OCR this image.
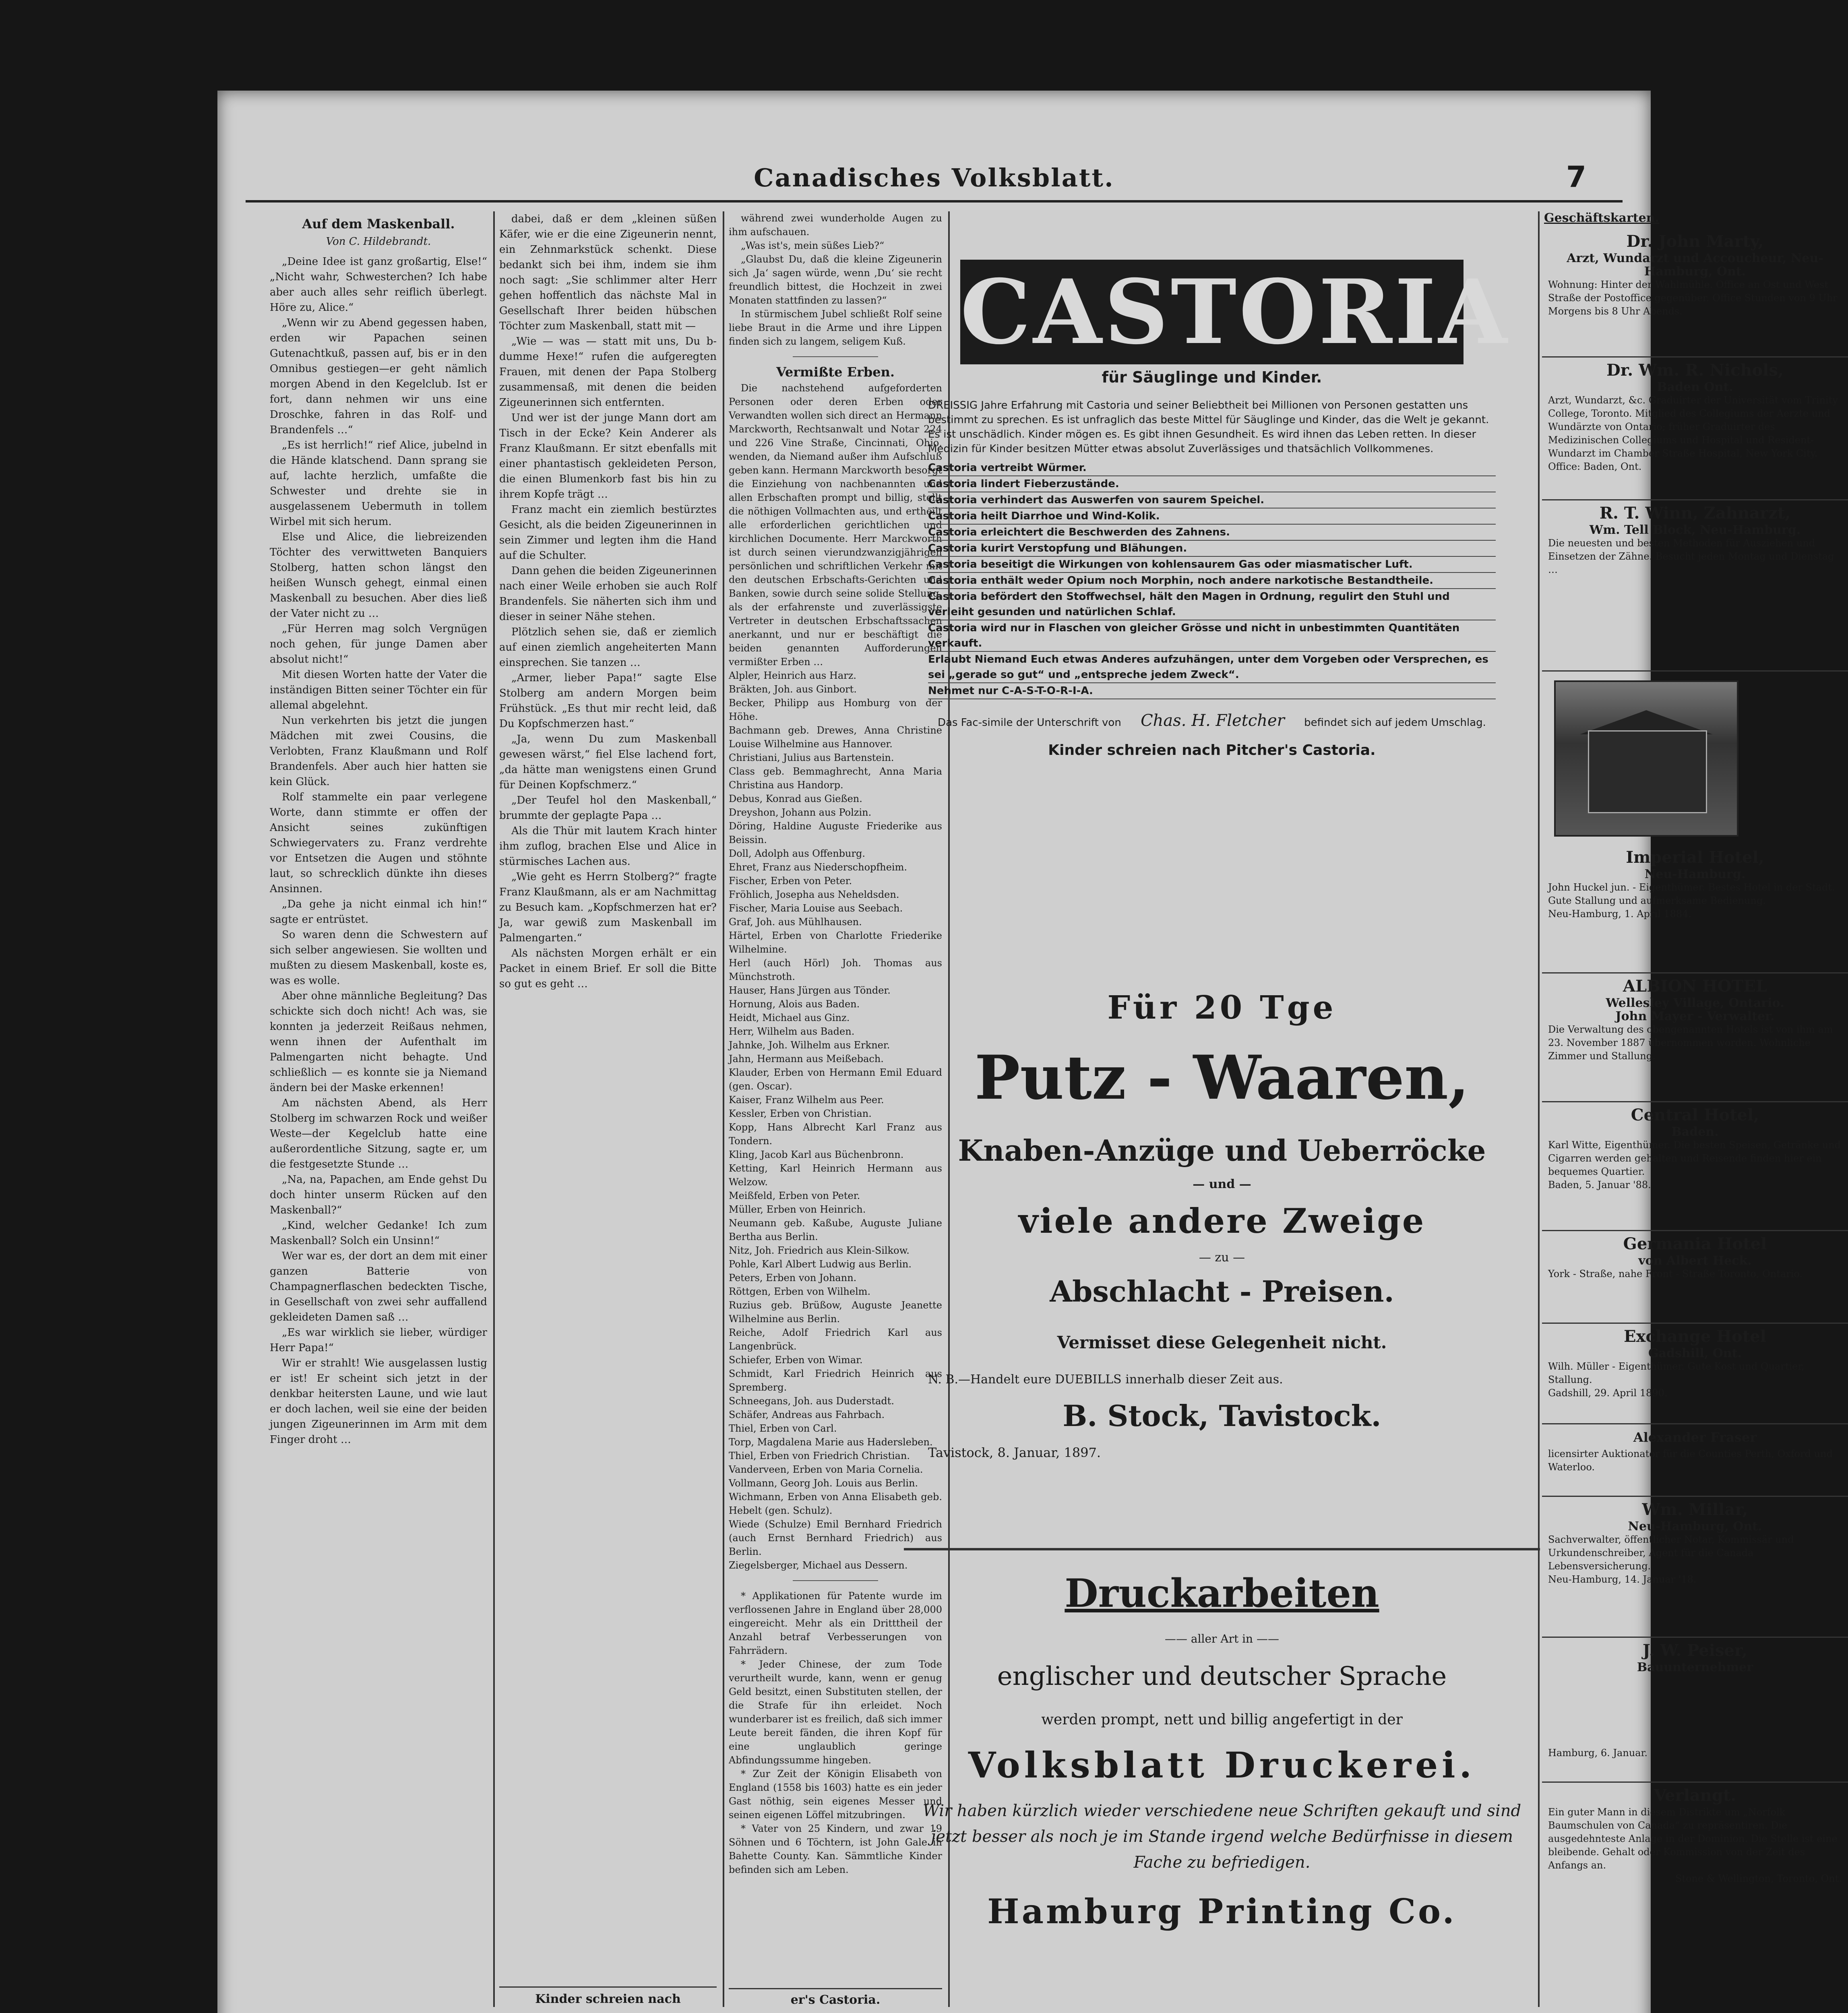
Canadisches Volksblatt.	7
Auf dem Maskenball.
Von C. Hildebrandt.

„Deine Idee ist ganz großartig, Else!“ „Nicht wahr, Schwesterchen? Ich habe aber auch alles sehr reiflich überlegt. Höre zu, Alice.“

„Wenn wir zu Abend gegessen haben, erden wir Papachen seinen Gutenachtkuß, passen auf, bis er in den Omnibus gestiegen—er geht nämlich morgen Abend in den Kegelclub. Ist er fort, dann nehmen wir uns eine Droschke, fahren in das Rolf- und Brandenfels …“

„Es ist herrlich!“ rief Alice, jubelnd in die Hände klatschend. Dann sprang sie auf, lachte herzlich, umfaßte die Schwester und drehte sie in ausgelassenem Uebermuth in tollem Wirbel mit sich herum.

Else und Alice, die liebreizenden Töchter des verwittweten Banquiers Stolberg, hatten schon längst den heißen Wunsch gehegt, einmal einen Maskenball zu besuchen. Aber dies ließ der Vater nicht zu …

„Für Herren mag solch Vergnügen noch gehen, für junge Damen aber absolut nicht!“

Mit diesen Worten hatte der Vater die inständigen Bitten seiner Töchter ein für allemal abgelehnt.

Nun verkehrten bis jetzt die jungen Mädchen mit zwei Cousins, die Verlobten, Franz Klaußmann und Rolf Brandenfels. Aber auch hier hatten sie kein Glück.

Rolf stammelte ein paar verlegene Worte, dann stimmte er offen der Ansicht seines zukünftigen Schwiegervaters zu. Franz verdrehte vor Entsetzen die Augen und stöhnte laut, so schrecklich dünkte ihn dieses Ansinnen.

„Da gehe ja nicht einmal ich hin!“ sagte er entrüstet.

So waren denn die Schwestern auf sich selber angewiesen. Sie wollten und mußten zu diesem Maskenball, koste es, was es wolle.

Aber ohne männliche Begleitung? Das schickte sich doch nicht! Ach was, sie konnten ja jederzeit Reißaus nehmen, wenn ihnen der Aufenthalt im Palmengarten nicht behagte. Und schließlich — es konnte sie ja Niemand ändern bei der Maske erkennen!

Am nächsten Abend, als Herr Stolberg im schwarzen Rock und weißer Weste—der Kegelclub hatte eine außerordentliche Sitzung, sagte er, um die festgesetzte Stunde …

„Na, na, Papachen, am Ende gehst Du doch hinter unserm Rücken auf den Maskenball?“

„Kind, welcher Gedanke! Ich zum Maskenball? Solch ein Unsinn!“

Wer war es, der dort an dem mit einer ganzen Batterie von Champagnerflaschen bedeckten Tische, in Gesellschaft von zwei sehr auffallend gekleideten Damen saß …

„Es war wirklich sie lieber, würdiger Herr Papa!“

Wir er strahlt! Wie ausgelassen lustig er ist! Er scheint sich jetzt in der denkbar heitersten Laune, und wie laut er doch lachen, weil sie eine der beiden jungen Zigeunerinnen im Arm mit dem Finger droht …

dabei, daß er dem „kleinen süßen Käfer, wie er die eine Zigeunerin nennt, ein Zehnmarkstück schenkt. Diese bedankt sich bei ihm, indem sie ihm noch sagt: „Sie schlimmer alter Herr gehen hoffentlich das nächste Mal in Gesellschaft Ihrer beiden hübschen Töchter zum Maskenball, statt mit —

„Wie — was — statt mit uns, Du b-dumme Hexe!“ rufen die aufgeregten Frauen, mit denen der Papa Stolberg zusammensaß, mit denen die beiden Zigeunerinnen sich entfernten.

Und wer ist der junge Mann dort am Tisch in der Ecke? Kein Anderer als Franz Klaußmann. Er sitzt ebenfalls mit einer phantastisch gekleideten Person, die einen Blumenkorb fast bis hin zu ihrem Kopfe trägt …

Franz macht ein ziemlich bestürztes Gesicht, als die beiden Zigeunerinnen in sein Zimmer und legten ihm die Hand auf die Schulter.

Dann gehen die beiden Zigeunerinnen nach einer Weile erhoben sie auch Rolf Brandenfels. Sie näherten sich ihm und dieser in seiner Nähe stehen.

Plötzlich sehen sie, daß er ziemlich auf einen ziemlich angeheiterten Mann einsprechen. Sie tanzen …

„Armer, lieber Papa!“ sagte Else Stolberg am andern Morgen beim Frühstück. „Es thut mir recht leid, daß Du Kopfschmerzen hast.“

„Ja, wenn Du zum Maskenball gewesen wärst,“ fiel Else lachend fort, „da hätte man wenigstens einen Grund für Deinen Kopfschmerz.“

„Der Teufel hol den Maskenball,“ brummte der geplagte Papa …

Als die Thür mit lautem Krach hinter ihm zuflog, brachen Else und Alice in stürmisches Lachen aus.

„Wie geht es Herrn Stolberg?“ fragte Franz Klaußmann, als er am Nachmittag zu Besuch kam. „Kopfschmerzen hat er? Ja, war gewiß zum Maskenball im Palmengarten.“

Als nächsten Morgen erhält er ein Packet in einem Brief. Er soll die Bitte so gut es geht …

Kinder schreien nach

während zwei wunderholde Augen zu ihm aufschauen.

„Was ist's, mein süßes Lieb?“

„Glaubst Du, daß die kleine Zigeunerin sich ‚Ja‘ sagen würde, wenn ‚Du‘ sie recht freundlich bittest, die Hochzeit in zwei Monaten stattfinden zu lassen?“

In stürmischem Jubel schließt Rolf seine liebe Braut in die Arme und ihre Lippen finden sich zu langem, seligem Kuß.

Vermißte Erben.

Die nachstehend aufgeforderten Personen oder deren Erben oder Verwandten wollen sich direct an Hermann Marckworth, Rechtsanwalt und Notar 224 und 226 Vine Straße, Cincinnati, Ohio, wenden, da Niemand außer ihm Aufschluß geben kann. Hermann Marckworth besorgt die Einziehung von nachbenannten und allen Erbschaften prompt und billig, stellt die nöthigen Vollmachten aus, und ertheilt alle erforderlichen gerichtlichen und kirchlichen Documente. Herr Marckworth ist durch seinen vierundzwanzigjährigen persönlichen und schriftlichen Verkehr mit den deutschen Erbschafts-Gerichten und Banken, sowie durch seine solide Stellung, als der erfahrenste und zuverlässigste Vertreter in deutschen Erbschaftssachen anerkannt, und nur er beschäftigt die beiden genannten Aufforderungen vermißter Erben …

Alpler, Heinrich aus Harz.
Bräkten, Joh. aus Ginbort.
Becker, Philipp aus Homburg von der Höhe.
Bachmann geb. Drewes, Anna Christine Louise Wilhelmine aus Hannover.
Christiani, Julius aus Bartenstein.
Class geb. Bemmaghrecht, Anna Maria Christina aus Handorp.
Debus, Konrad aus Gießen.
Dreyshon, Johann aus Polzin.
Döring, Haldine Auguste Friederike aus Beissin.
Doll, Adolph aus Offenburg.
Ehret, Franz aus Niederschopfheim.
Fischer, Erben von Peter.
Fröhlich, Josepha aus Neheldsden.
Fischer, Maria Louise aus Seebach.
Graf, Joh. aus Mühlhausen.
Härtel, Erben von Charlotte Friederike Wilhelmine.
Herl (auch Hörl) Joh. Thomas aus Münchstroth.
Hauser, Hans Jürgen aus Tönder.
Hornung, Alois aus Baden.
Heidt, Michael aus Ginz.
Herr, Wilhelm aus Baden.
Jahnke, Joh. Wilhelm aus Erkner.
Jahn, Hermann aus Meißebach.
Klauder, Erben von Hermann Emil Eduard (gen. Oscar).
Kaiser, Franz Wilhelm aus Peer.
Kessler, Erben von Christian.
Kopp, Hans Albrecht Karl Franz aus Tondern.
Kling, Jacob Karl aus Büchenbronn.
Ketting, Karl Heinrich Hermann aus Welzow.
Meißfeld, Erben von Peter.
Müller, Erben von Heinrich.
Neumann geb. Kaßube, Auguste Juliane Bertha aus Berlin.
Nitz, Joh. Friedrich aus Klein-Silkow.
Pohle, Karl Albert Ludwig aus Berlin.
Peters, Erben von Johann.
Röttgen, Erben von Wilhelm.
Ruzius geb. Brüßow, Auguste Jeanette Wilhelmine aus Berlin.
Reiche, Adolf Friedrich Karl aus Langenbrück.
Schiefer, Erben von Wimar.
Schmidt, Karl Friedrich Heinrich aus Spremberg.
Schneegans, Joh. aus Duderstadt.
Schäfer, Andreas aus Fahrbach.
Thiel, Erben von Carl.
Torp, Magdalena Marie aus Hadersleben.
Thiel, Erben von Friedrich Christian.
Vanderveen, Erben von Maria Cornelia.
Vollmann, Georg Joh. Louis aus Berlin.
Wichmann, Erben von Anna Elisabeth geb. Hebelt (gen. Schulz).
Wiede (Schulze) Emil Bernhard Friedrich (auch Ernst Bernhard Friedrich) aus Berlin.
Ziegelsberger, Michael aus Dessern.

* Applikationen für Patente wurde im verflossenen Jahre in England über 28,000 eingereicht. Mehr als ein Dritttheil der Anzahl betraf Verbesserungen von Fahrrädern.

* Jeder Chinese, der zum Tode verurtheilt wurde, kann, wenn er genug Geld besitzt, einen Substituten stellen, der die Strafe für ihn erleidet. Noch wunderbarer ist es freilich, daß sich immer Leute bereit fänden, die ihren Kopf für eine unglaublich geringe Abfindungssumme hingeben.

* Zur Zeit der Königin Elisabeth von England (1558 bis 1603) hatte es ein jeder Gast nöthig, sein eigenes Messer und seinen eigenen Löffel mitzubringen.

* Vater von 25 Kindern, und zwar 19 Söhnen und 6 Töchtern, ist John Gale in Bahette County. Kan. Sämmtliche Kinder befinden sich am Leben.

er's Castoria.
CASTORIA
für Säuglinge und Kinder.
DREISSIG Jahre Erfahrung mit Castoria und seiner Beliebtheit bei Millionen von Personen gestatten uns bestimmt zu sprechen. Es ist unfraglich das beste Mittel für Säuglinge und Kinder, das die Welt je gekannt. Es ist unschädlich. Kinder mögen es. Es gibt ihnen Gesundheit. Es wird ihnen das Leben retten. In dieser Medizin für Kinder besitzen Mütter etwas absolut Zuverlässiges und thatsächlich Vollkommenes.
Castoria vertreibt Würmer.
Castoria lindert Fieberzustände.
Castoria verhindert das Auswerfen von saurem Speichel.
Castoria heilt Diarrhoe und Wind-Kolik.
Castoria erleichtert die Beschwerden des Zahnens.
Castoria kurirt Verstopfung und Blähungen.
Castoria beseitigt die Wirkungen von kohlensaurem Gas oder miasmatischer Luft.
Castoria enthält weder Opium noch Morphin, noch andere narkotische Bestandtheile.
Castoria befördert den Stoffwechsel, hält den Magen in Ordnung, regulirt den Stuhl und verleiht gesunden und natürlichen Schlaf.
Castoria wird nur in Flaschen von gleicher Grösse und nicht in unbestimmten Quantitäten verkauft.
Erlaubt Niemand Euch etwas Anderes aufzuhängen, unter dem Vorgeben oder Versprechen, es sei „gerade so gut“ und „entspreche jedem Zweck“.
Nehmet nur C-A-S-T-O-R-I-A.
Das Fac-simile der Unterschrift von Chas. H. Fletcher befindet sich auf jedem Umschlag.
Kinder schreien nach Pitcher's Castoria.
Für 20 Tge
Putz - Waaren,
Knaben-Anzüge und Ueberröcke
— und —
viele andere Zweige
— zu —
Abschlacht - Preisen.
Vermisset diese Gelegenheit nicht.
N. B.—Handelt eure DUEBILLS innerhalb dieser Zeit aus.
B. Stock, Tavistock.
Tavistock, 8. Januar, 1897.
Druckarbeiten
—— aller Art in ——
englischer und deutscher Sprache
werden prompt, nett und billig angefertigt in der
Volksblatt Druckerei.
Wir haben kürzlich wieder verschiedene neue Schriften gekauft und sind jetzt besser als noch je im Stande irgend welche Bedürfnisse in diesem Fache zu befriedigen.
Hamburg Printing Co.
Geschäftskarten.
Dr. John Marty,
Arzt, Wundarzt und Accoucheur, Neu-Hamburg, Ont.
Wohnung: Hinter der Wahlmühle. Office an Ost und West Straße der Postoffice gegenüber. Office Stunden von 9 Uhr Morgens bis 8 Uhr Abends.
Dr. Wm. R. Nichols,
Baden Ont.
Arzt, Wundarzt, &c. Graduirter der Universität vom Trinity College, Toronto. Mitglied des Collegiums der Aerzte und Wundärzte von Ontario; früher Graduirter des Medizinischen Collegiums und Hospital und Resident-Wundarzt im Chamber Straße Hospital, New York City. Office: Baden, Ont.
R. T. Winn, Zahnarzt,
Wm. Tell Block, Neu-Hamburg.
Die neuesten und besten Methoden für Ausziehen und Einsetzen der Zähne. Besucht jeden Montag und Dienstag …
Imperial Hotel,
Neu-Hamburg.
John Huckel jun. - Eigenthümer. Bestes Hotel in der Stadt. Gute Stallung und aufmerksame Bedienung.
Neu-Hamburg, 1. April 1884.
ALBION HOTEL
Wellesley Village, Ontario.
John Mayer - Verwalter.
Die Verwaltung des obengenannten Hotels ist von ihm am 23. November 1887 übernommen worden. Wohnliche Zimmer und Stallung.
Central Hotel,
Baden.
Karl Witte, Eigenthümer. Die besten Speisen, Getränke und Cigarren werden gehalten und Reisende finden hier ein bequemes Quartier.
Baden, 5. Januar '88.
Germania Hotel
von Albert Heck.
York - Straße, nahe Front - Straße Toronto, Ontario.
Exchange Hotel
Gadshill, Ont.
Wilh. Müller - Eigenthümer. Gute Kost und Quartier, Stallung.
Gadshill, 29. April 1890.
Alexander Fraser
licensirter Auktionator für die Counties Perth, Oxford und Waterloo.
Wm. Millar,
Neu-Hamburg, Ont.
Sachverwalter, öffentlicher Notar, Kommissär und Urkundenschreiber, Agent für die Canada Lebensversicherung.
Neu-Hamburg, 14. Januar '18.
J. W. Peiser,
Bauunternehmer
Hamburg, 6. Januar.
Verlangt.
Ein guter Mann in diesem Distrikte um „Norfolk Baumschulen von Canada“ zu repräsentiren. Die ausgedehnteste Anlage in der Dominion. Die Stelle ist eine bleibende. Gehalt oder Kommission von der Zeit des Anfangs an.
Stone & Wellington, Toronto, Ont.
